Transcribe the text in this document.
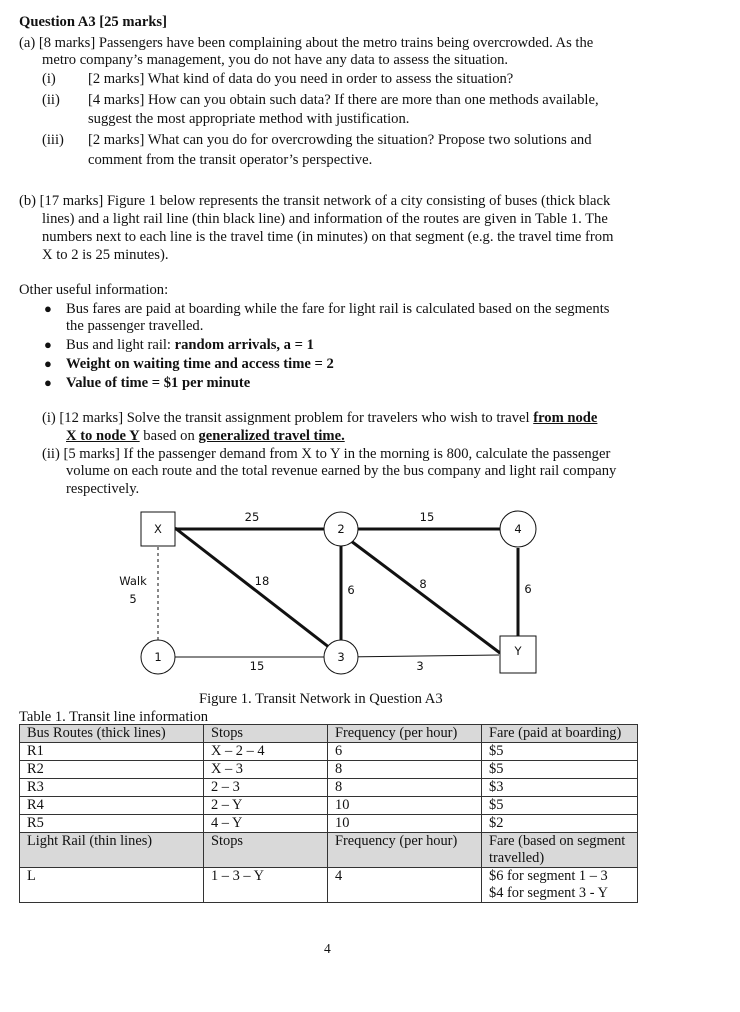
Question A3 [25 marks]
(a) [8 marks] Passengers have been complaining about the metro trains being overcrowded. As the
metro company’s management, you do not have any data to assess the situation.
(i) [2 marks] What kind of data do you need in order to assess the situation?
(ii) [4 marks] How can you obtain such data? If there are more than one methods available,
suggest the most appropriate method with justification.
(iii) [2 marks] What can you do for overcrowding the situation? Propose two solutions and
comment from the transit operator’s perspective.
(b) [17 marks] Figure 1 below represents the transit network of a city consisting of buses (thick black
lines) and a light rail line (thin black line) and information of the routes are given in Table 1. The
numbers next to each line is the travel time (in minutes) on that segment (e.g. the travel time from
X to 2 is 25 minutes).
Other useful information:
● Bus fares are paid at boarding while the fare for light rail is calculated based on the segments
the passenger travelled.
● Bus and light rail: random arrivals, a = 1
● Weight on waiting time and access time = 2
● Value of time = $1 per minute
(i) [12 marks] Solve the transit assignment problem for travelers who wish to travel from node
X to node Y based on generalized travel time.
(ii) [5 marks] If the passenger demand from X to Y in the morning is 800, calculate the passenger
volume on each route and the total revenue earned by the bus company and light rail company
respectively.
X
1
2
3
4
Y
25	15
18
6	8	6
15	3
Walk
5
Figure 1. Transit Network in Question A3
Table 1. Transit line information
Bus Routes (thick lines)	Stops	Frequency (per hour)	Fare (paid at boarding)
R1	X – 2 – 4	6	$5
R2	X – 3	8	$5
R3	2 – 3	8	$3
R4	2 – Y	10	$5
R5	4 – Y	10	$2
Light Rail (thin lines)	Stops	Frequency (per hour)	Fare (based on segment travelled)
L	1 – 3 – Y	4	$6 for segment 1 – 3
$4 for segment 3 - Y
4
